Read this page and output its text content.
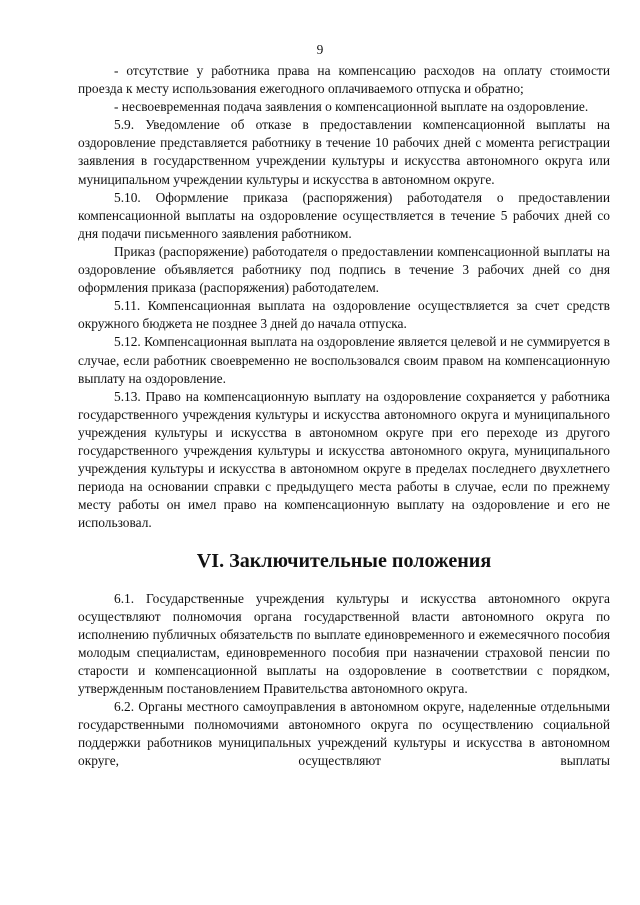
9

- отсутствие у работника права на компенсацию расходов на оплату стоимости проезда к месту использования ежегодного оплачиваемого отпуска и обратно;

- несвоевременная подача заявления о компенсационной выплате на оздоровление.

5.9. Уведомление об отказе в предоставлении компенсационной выплаты на оздоровление представляется работнику в течение 10 рабочих дней с момента регистрации заявления в государственном учреждении культуры и искусства автономного округа или муниципальном учреждении культуры и искусства в автономном округе.

5.10. Оформление приказа (распоряжения) работодателя о предоставлении компенсационной выплаты на оздоровление осуществляется в течение 5 рабочих дней со дня подачи письменного заявления работником.

Приказ (распоряжение) работодателя о предоставлении компенсационной выплаты на оздоровление объявляется работнику под подпись в течение 3 рабочих дней со дня оформления приказа (распоряжения) работодателем.

5.11. Компенсационная выплата на оздоровление осуществляется за счет средств окружного бюджета не позднее 3 дней до начала отпуска.

5.12. Компенсационная выплата на оздоровление является целевой и не суммируется в случае, если работник своевременно не воспользовался своим правом на компенсационную выплату на оздоровление.

5.13. Право на компенсационную выплату на оздоровление сохраняется у работника государственного учреждения культуры и искусства автономного округа и муниципального учреждения культуры и искусства в автономном округе при его переходе из другого государственного учреждения культуры и искусства автономного округа, муниципального учреждения культуры и искусства в автономном округе в пределах последнего двухлетнего периода на основании справки с предыдущего места работы в случае, если по прежнему месту работы он имел право на компенсационную выплату на оздоровление и его не использовал.

VI. Заключительные положения

6.1. Государственные учреждения культуры и искусства автономного округа осуществляют полномочия органа государственной власти автономного округа по исполнению публичных обязательств по выплате единовременного и ежемесячного пособия молодым специалистам, единовременного пособия при назначении страховой пенсии по старости и компенсационной выплаты на оздоровление в соответствии с порядком, утвержденным постановлением Правительства автономного округа.

6.2. Органы местного самоуправления в автономном округе, наделенные отдельными государственными полномочиями автономного округа по осуществлению социальной поддержки работников муниципальных учреждений культуры и искусства в автономном округе, осуществляют выплаты
